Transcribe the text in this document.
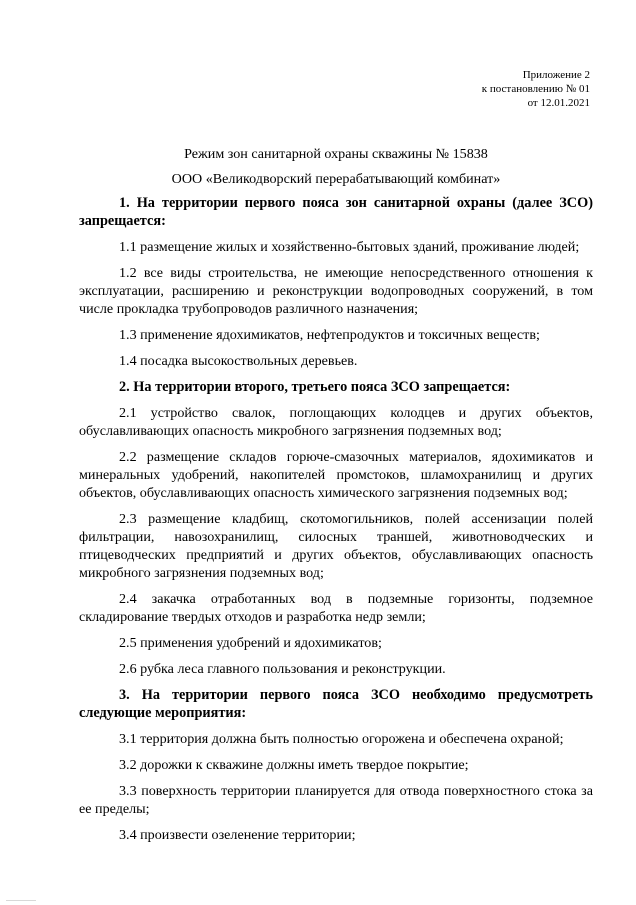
Приложение 2
к постановлению № 01
от 12.01.2021

Режим зон санитарной охраны скважины № 15838

ООО «Великодворский перерабатывающий комбинат»

1. На территории первого пояса зон санитарной охраны (далее ЗСО) запрещается:

1.1 размещение жилых и хозяйственно-бытовых зданий, проживание людей;

1.2 все виды строительства, не имеющие непосредственного отношения к эксплуатации, расширению и реконструкции водопроводных сооружений, в том числе прокладка трубопроводов различного назначения;

1.3 применение ядохимикатов, нефтепродуктов и токсичных веществ;

1.4 посадка высокоствольных деревьев.

2. На территории второго, третьего пояса ЗСО запрещается:

2.1 устройство свалок, поглощающих колодцев и других объектов, обуславливающих опасность микробного загрязнения подземных вод;

2.2 размещение складов горюче-смазочных материалов, ядохимикатов и минеральных удобрений, накопителей промстоков, шламохранилищ и других объектов, обуславливающих опасность химического загрязнения подземных вод;

2.3 размещение кладбищ, скотомогильников, полей ассенизации полей фильтрации, навозохранилищ, силосных траншей, животноводческих и птицеводческих предприятий и других объектов, обуславливающих опасность микробного загрязнения подземных вод;

2.4 закачка отработанных вод в подземные горизонты, подземное складирование твердых отходов и разработка недр земли;

2.5 применения удобрений и ядохимикатов;

2.6 рубка леса главного пользования и реконструкции.

3. На территории первого пояса ЗСО необходимо предусмотреть следующие мероприятия:

3.1 территория должна быть полностью огорожена и обеспечена охраной;

3.2 дорожки к скважине должны иметь твердое покрытие;

3.3 поверхность территории планируется для отвода поверхностного стока за ее пределы;

3.4 произвести озеленение территории;
